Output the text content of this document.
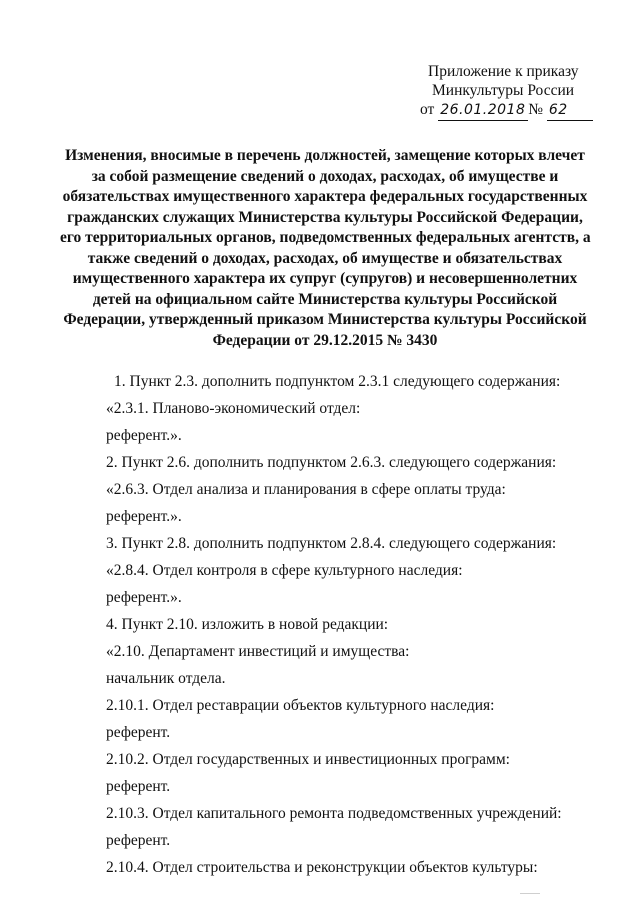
Приложение к приказу
Минкультуры России
от 26.01.2018 № 62
Изменения, вносимые в перечень должностей, замещение которых влечет
за собой размещение сведений о доходах, расходах, об имуществе и
обязательствах имущественного характера федеральных государственных
гражданских служащих Министерства культуры Российской Федерации,
его территориальных органов, подведомственных федеральных агентств, а
также сведений о доходах, расходах, об имуществе и обязательствах
имущественного характера их супруг (супругов) и несовершеннолетних
детей на официальном сайте Министерства культуры Российской
Федерации, утвержденный приказом Министерства культуры Российской
Федерации от 29.12.2015 № 3430
1. Пункт 2.3. дополнить подпунктом 2.3.1 следующего содержания:
«2.3.1. Планово-экономический отдел:
референт.».
2. Пункт 2.6. дополнить подпунктом 2.6.3. следующего содержания:
«2.6.3. Отдел анализа и планирования в сфере оплаты труда:
референт.».
3. Пункт 2.8. дополнить подпунктом 2.8.4. следующего содержания:
«2.8.4. Отдел контроля в сфере культурного наследия:
референт.».
4. Пункт 2.10. изложить в новой редакции:
«2.10. Департамент инвестиций и имущества:
начальник отдела.
2.10.1. Отдел реставрации объектов культурного наследия:
референт.
2.10.2. Отдел государственных и инвестиционных программ:
референт.
2.10.3. Отдел капитального ремонта подведомственных учреждений:
референт.
2.10.4. Отдел строительства и реконструкции объектов культуры:
